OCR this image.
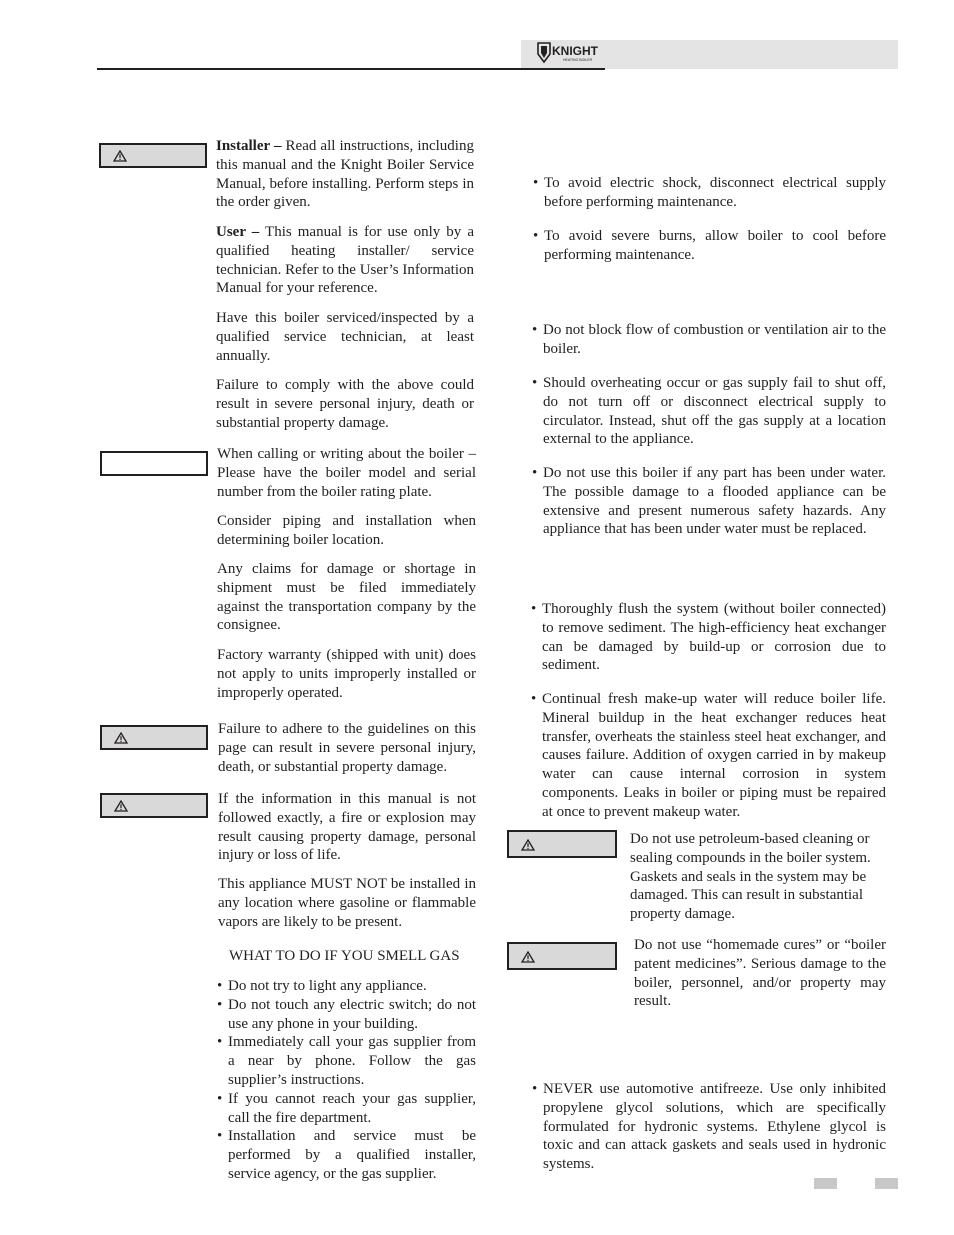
KNIGHT
HEATING BOILER

Installer – Read all instructions, including this manual and the Knight Boiler Service Manual, before installing. Perform steps in the order given.

User – This manual is for use only by a qualified heating installer/ service technician. Refer to the User’s Information Manual for your reference.

Have this boiler serviced/inspected by a qualified service technician, at least annually.

Failure to comply with the above could result in severe personal injury, death or substantial property damage.

When calling or writing about the boiler – Please have the boiler model and serial number from the boiler rating plate.

Consider piping and installation when determining boiler location.

Any claims for damage or shortage in shipment must be filed immediately against the transportation company by the consignee.

Factory warranty (shipped with unit) does not apply to units improperly installed or improperly operated.

Failure to adhere to the guidelines on this page can result in severe personal injury, death, or substantial property damage.

If the information in this manual is not followed exactly, a fire or explosion may result causing property damage, personal injury or loss of life.

This appliance MUST NOT be installed in any location where gasoline or flammable vapors are likely to be present.

WHAT TO DO IF YOU SMELL GAS
• Do not try to light any appliance.
• Do not touch any electric switch; do not use any phone in your building.
• Immediately call your gas supplier from a near by phone. Follow the gas supplier’s instructions.
• If you cannot reach your gas supplier, call the fire department.
• Installation and service must be performed by a qualified installer, service agency, or the gas supplier.
• To avoid electric shock, disconnect electrical supply before performing maintenance.
• To avoid severe burns, allow boiler to cool before performing maintenance.
• Do not block flow of combustion or ventilation air to the boiler.
• Should overheating occur or gas supply fail to shut off, do not turn off or disconnect electrical supply to circulator. Instead, shut off the gas supply at a location external to the appliance.
• Do not use this boiler if any part has been under water. The possible damage to a flooded appliance can be extensive and present numerous safety hazards. Any appliance that has been under water must be replaced.
• Thoroughly flush the system (without boiler connected) to remove sediment. The high-efficiency heat exchanger can be damaged by build-up or corrosion due to sediment.
• Continual fresh make-up water will reduce boiler life. Mineral buildup in the heat exchanger reduces heat transfer, overheats the stainless steel heat exchanger, and causes failure. Addition of oxygen carried in by makeup water can cause internal corrosion in system components. Leaks in boiler or piping must be repaired at once to prevent makeup water.

Do not use petroleum-based cleaning or sealing compounds in the boiler system. Gaskets and seals in the system may be damaged. This can result in substantial property damage.

Do not use “homemade cures” or “boiler patent medicines”. Serious damage to the boiler, personnel, and/or property may result.

• NEVER use automotive antifreeze. Use only inhibited propylene glycol solutions, which are specifically formulated for hydronic systems. Ethylene glycol is toxic and can attack gaskets and seals used in hydronic systems.
